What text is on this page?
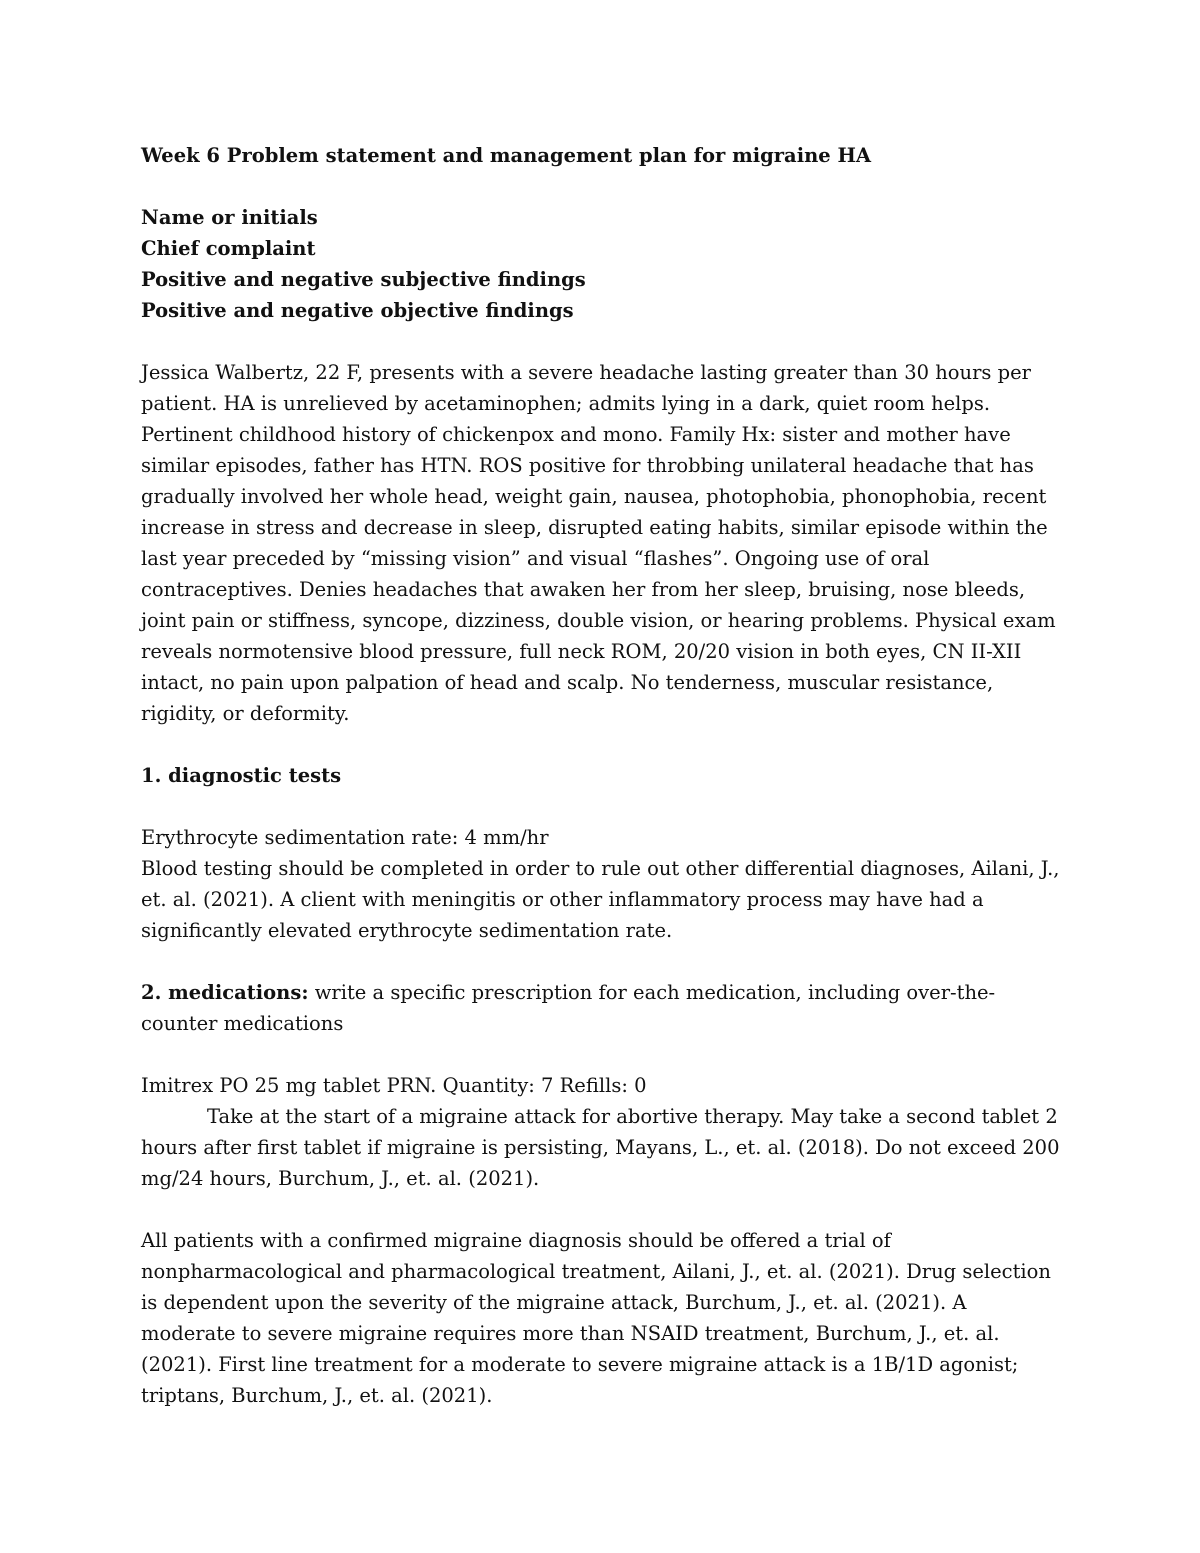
Week 6 Problem statement and management plan for migraine HA

Name or initials

Chief complaint

Positive and negative subjective findings

Positive and negative objective findings

Jessica Walbertz, 22 F, presents with a severe headache lasting greater than 30 hours per patient. HA is unrelieved by acetaminophen; admits lying in a dark, quiet room helps. Pertinent childhood history of chickenpox and mono. Family Hx: sister and mother have similar episodes, father has HTN. ROS positive for throbbing unilateral headache that has gradually involved her whole head, weight gain, nausea, photophobia, phonophobia, recent increase in stress and decrease in sleep, disrupted eating habits, similar episode within the last year preceded by “missing vision” and visual “flashes”. Ongoing use of oral contraceptives. Denies headaches that awaken her from her sleep, bruising, nose bleeds, joint pain or stiffness, syncope, dizziness, double vision, or hearing problems. Physical exam reveals normotensive blood pressure, full neck ROM, 20/20 vision in both eyes, CN II-XII intact, no pain upon palpation of head and scalp. No tenderness, muscular resistance, rigidity, or deformity.

1. diagnostic tests

Erythrocyte sedimentation rate: 4 mm/hr

Blood testing should be completed in order to rule out other differential diagnoses, Ailani, J., et. al. (2021). A client with meningitis or other inflammatory process may have had a significantly elevated erythrocyte sedimentation rate.

2. medications: write a specific prescription for each medication, including over-the-counter medications

Imitrex PO 25 mg tablet PRN. Quantity: 7 Refills: 0

Take at the start of a migraine attack for abortive therapy. May take a second tablet 2 hours after first tablet if migraine is persisting, Mayans, L., et. al. (2018). Do not exceed 200 mg/24 hours, Burchum, J., et. al. (2021).

All patients with a confirmed migraine diagnosis should be offered a trial of nonpharmacological and pharmacological treatment, Ailani, J., et. al. (2021). Drug selection is dependent upon the severity of the migraine attack, Burchum, J., et. al. (2021). A moderate to severe migraine requires more than NSAID treatment, Burchum, J., et. al. (2021). First line treatment for a moderate to severe migraine attack is a 1B/1D agonist; triptans, Burchum, J., et. al. (2021).
